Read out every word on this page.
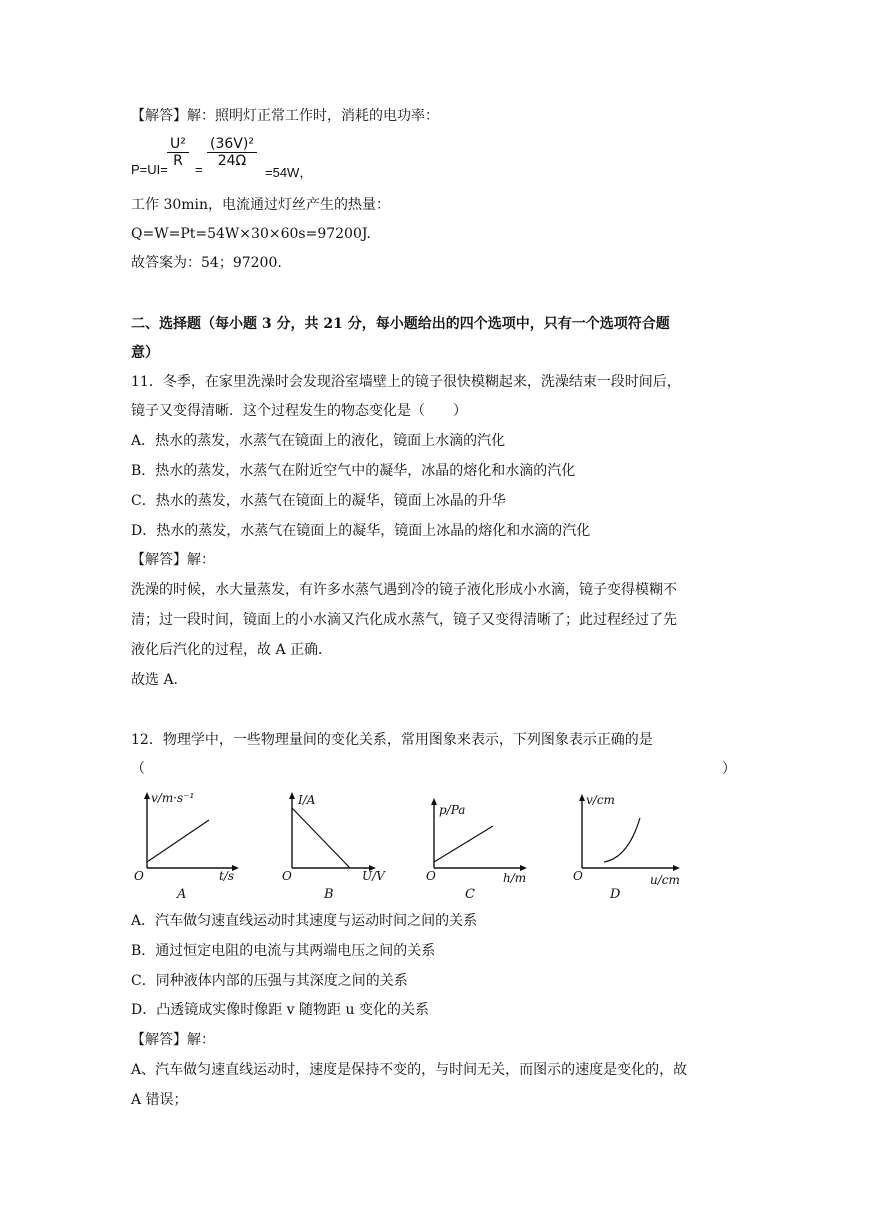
【解答】解：照明灯正常工作时，消耗的电功率：
P=UI=
$\frac{\text{U²}}{R}$
=
$\frac{\text{(36V)²}}{24\Omega}$
=54W，
工作 30min，电流通过灯丝产生的热量：
Q=W=Pt=54W×30×60s=97200J.
故答案为：54；97200.
二、选择题（每小题 3 分，共 21 分，每小题给出的四个选项中，只有一个选项符合题
意）
11．冬季，在家里洗澡时会发现浴室墙壁上的镜子很快模糊起来，洗澡结束一段时间后，
镜子又变得清晰．这个过程发生的物态变化是（　　）
A．热水的蒸发，水蒸气在镜面上的液化，镜面上水滴的汽化
B．热水的蒸发，水蒸气在附近空气中的凝华，冰晶的熔化和水滴的汽化
C．热水的蒸发，水蒸气在镜面上的凝华，镜面上冰晶的升华
D．热水的蒸发，水蒸气在镜面上的凝华，镜面上冰晶的熔化和水滴的汽化
【解答】解：
洗澡的时候，水大量蒸发，有许多水蒸气遇到冷的镜子液化形成小水滴，镜子变得模糊不
清；过一段时间，镜面上的小水滴又汽化成水蒸气，镜子又变得清晰了；此过程经过了先
液化后汽化的过程，故 A 正确．
故选 A．
12．物理学中，一些物理量间的变化关系，常用图象来表示，下列图象表示正确的是
（	）
v/m·s⁻¹
t/s
O
A
I/A
U/V
O
B
p/Pa
h/m
O
C
v/cm
u/cm
O
D
A．汽车做匀速直线运动时其速度与运动时间之间的关系
B．通过恒定电阻的电流与其两端电压之间的关系
C．同种液体内部的压强与其深度之间的关系
D．凸透镜成实像时像距 v 随物距 u 变化的关系
【解答】解：
A、汽车做匀速直线运动时，速度是保持不变的，与时间无关，而图示的速度是变化的，故
A 错误；
